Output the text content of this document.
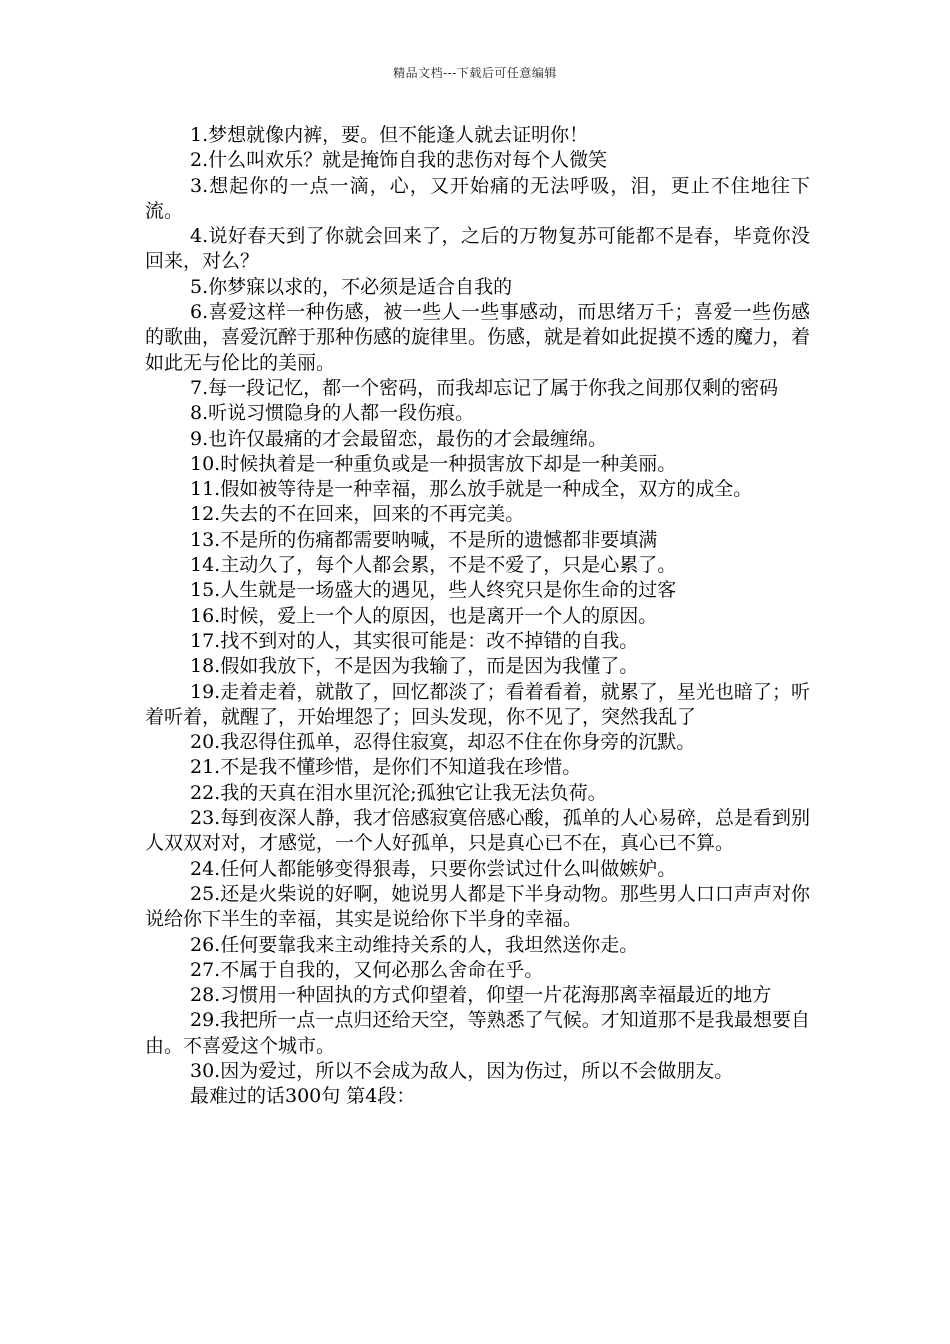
精品文档---下载后可任意编辑

1.梦想就像内裤，要。但不能逢人就去证明你！

2.什么叫欢乐？就是掩饰自我的悲伤对每个人微笑

3.想起你的一点一滴，心，又开始痛的无法呼吸，泪，更止不住地往下流。

4.说好春天到了你就会回来了，之后的万物复苏可能都不是春，毕竟你没回来，对么？

5.你梦寐以求的，不必须是适合自我的

6.喜爱这样一种伤感，被一些人一些事感动，而思绪万千；喜爱一些伤感的歌曲，喜爱沉醉于那种伤感的旋律里。伤感，就是着如此捉摸不透的魔力，着如此无与伦比的美丽。

7.每一段记忆，都一个密码，而我却忘记了属于你我之间那仅剩的密码

8.听说习惯隐身的人都一段伤痕。

9.也许仅最痛的才会最留恋，最伤的才会最缠绵。

10.时候执着是一种重负或是一种损害放下却是一种美丽。

11.假如被等待是一种幸福，那么放手就是一种成全，双方的成全。

12.失去的不在回来，回来的不再完美。

13.不是所的伤痛都需要呐喊，不是所的遗憾都非要填满

14.主动久了，每个人都会累，不是不爱了，只是心累了。

15.人生就是一场盛大的遇见，些人终究只是你生命的过客

16.时候，爱上一个人的原因，也是离开一个人的原因。

17.找不到对的人，其实很可能是：改不掉错的自我。

18.假如我放下，不是因为我输了，而是因为我懂了。

19.走着走着，就散了，回忆都淡了；看着看着，就累了，星光也暗了；听着听着，就醒了，开始埋怨了；回头发现，你不见了，突然我乱了

20.我忍得住孤单，忍得住寂寞，却忍不住在你身旁的沉默。

21.不是我不懂珍惜，是你们不知道我在珍惜。

22.我的天真在泪水里沉沦;孤独它让我无法负荷。

23.每到夜深人静，我才倍感寂寞倍感心酸，孤单的人心易碎，总是看到别人双双对对，才感觉，一个人好孤单，只是真心已不在，真心已不算。

24.任何人都能够变得狠毒，只要你尝试过什么叫做嫉妒。

25.还是火柴说的好啊，她说男人都是下半身动物。那些男人口口声声对你说给你下半生的幸福，其实是说给你下半身的幸福。

26.任何要靠我来主动维持关系的人，我坦然送你走。

27.不属于自我的，又何必那么舍命在乎。

28.习惯用一种固执的方式仰望着，仰望一片花海那离幸福最近的地方

29.我把所一点一点归还给天空，等熟悉了气候。才知道那不是我最想要自由。不喜爱这个城市。

30.因为爱过，所以不会成为敌人，因为伤过，所以不会做朋友。

最难过的话300句 第4段：
